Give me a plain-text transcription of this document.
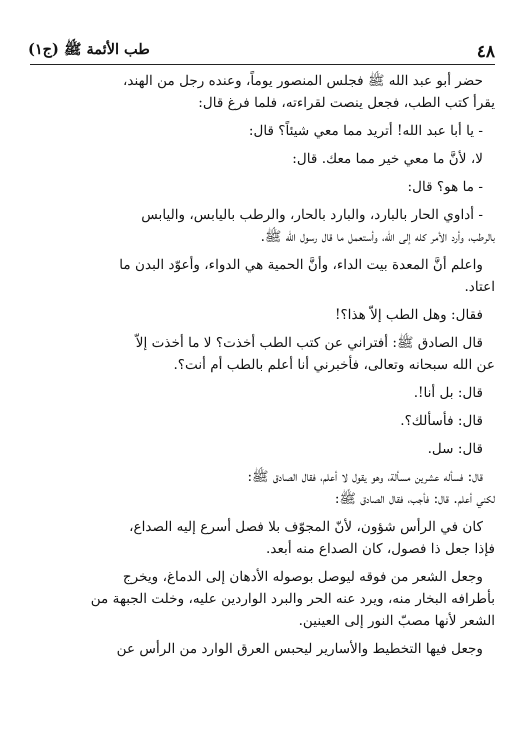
٤٨
طب الأئمة ﷺ (ج١)
حضر أبو عبد الله ﷺ فجلس المنصور يوماً، وعنده رجل من الهند،
يقرأ كتب الطب، فجعل ينصت لقراءته، فلما فرغ قال:
- يا أبا عبد الله! أتريد مما معي شيئاً؟ قال:
لا، لأنَّ ما معي خير مما معك. قال:
- ما هو؟ قال:
- أداوي الحار بالبارد، والبارد بالحار، والرطب باليابس، واليابس
بالرطب، وأرد الأمر كله إلى الله، وأستعمل ما قال رسول الله ﷺ.
واعلم أنَّ المعدة بيت الداء، وأنَّ الحمية هي الدواء، وأعوّد البدن ما
اعتاد.
فقال: وهل الطب إلاّ هذا؟!
قال الصادق ﷺ: أفتراني عن كتب الطب أخذت؟ لا ما أخذت إلاّ
عن الله سبحانه وتعالى، فأخبرني أنا أعلم بالطب أم أنت؟.
قال: بل أنا!.
قال: فأسألك؟.
قال: سل.
قال: فسأله عشرين مسألة، وهو يقول لا أعلم، فقال الصادق ﷺ:
لكني أعلم. قال: فأجب، فقال الصادق ﷺ:
كان في الرأس شؤون، لأنّ المجوّف بلا فصل أسرع إليه الصداع،
فإذا جعل ذا فصول، كان الصداع منه أبعد.
وجعل الشعر من فوقه ليوصل بوصوله الأدهان إلى الدماغ، ويخرج
بأطرافه البخار منه، ويرد عنه الحر والبرد الواردين عليه، وخلت الجبهة من
الشعر لأنها مصبّ النور إلى العينين.
وجعل فيها التخطيط والأسارير ليحبس العرق الوارد من الرأس عن
